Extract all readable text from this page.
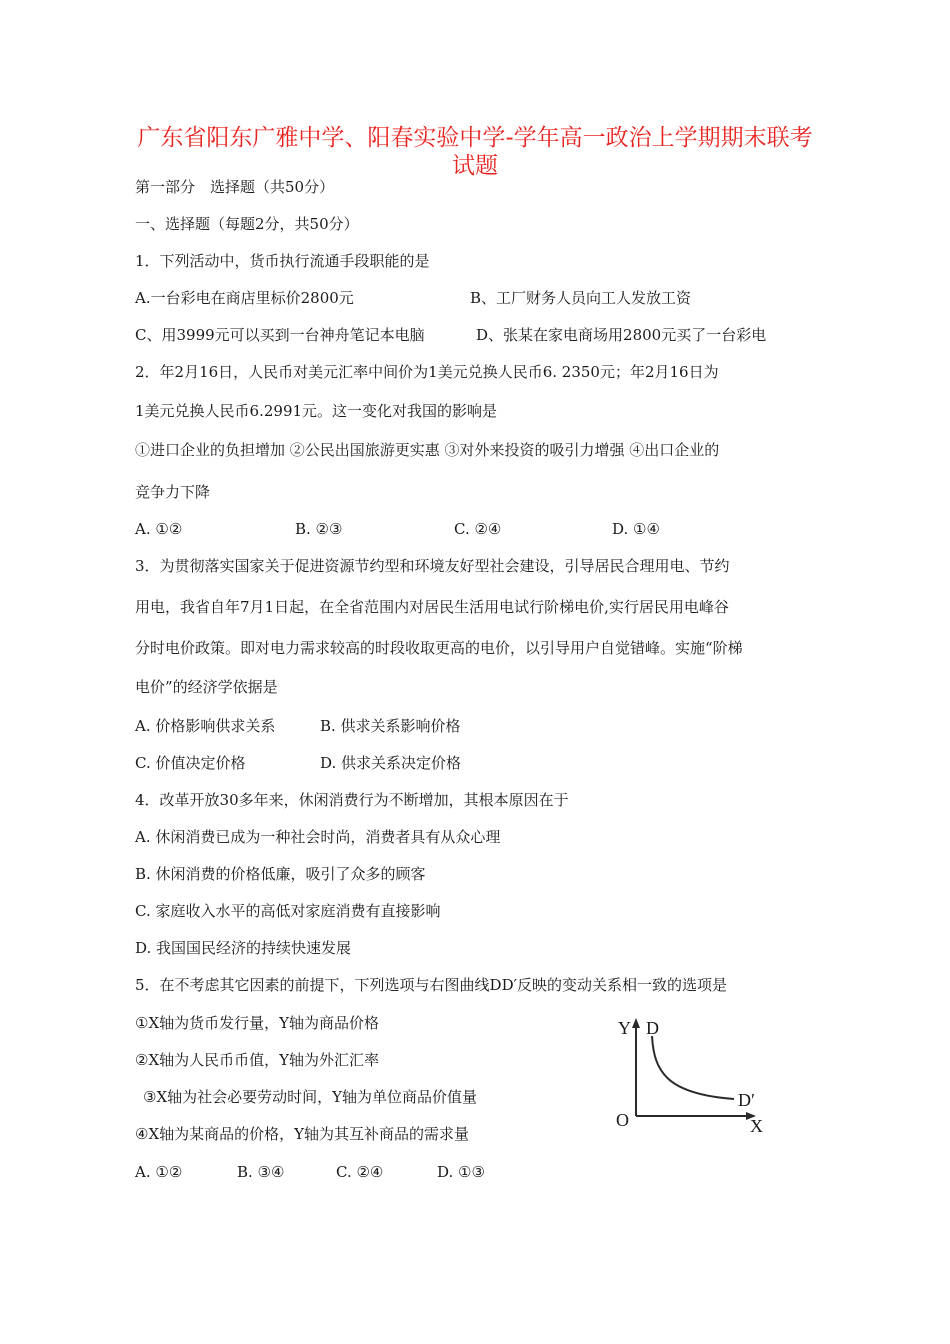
广东省阳东广雅中学、阳春实验中学-学年高一政治上学期期末联考
试题
第一部分　选择题（共50分）
一、选择题（每题2分，共50分）
1．下列活动中，货币执行流通手段职能的是
A.一台彩电在商店里标价2800元	B、工厂财务人员向工人发放工资
C、用3999元可以买到一台神舟笔记本电脑	D、张某在家电商场用2800元买了一台彩电
2．年2月16日，人民币对美元汇率中间价为1美元兑换人民币6. 2350元；年2月16日为
1美元兑换人民币6.2991元。这一变化对我国的影响是
①进口企业的负担增加 ②公民出国旅游更实惠 ③对外来投资的吸引力增强 ④出口企业的
竞争力下降
A. ①②	B. ②③	C. ②④	D. ①④
3．为贯彻落实国家关于促进资源节约型和环境友好型社会建设，引导居民合理用电、节约
用电，我省自年7月1日起，在全省范围内对居民生活用电试行阶梯电价,实行居民用电峰谷
分时电价政策。即对电力需求较高的时段收取更高的电价，以引导用户自觉错峰。实施“阶梯
电价”的经济学依据是
A. 价格影响供求关系	B. 供求关系影响价格
C. 价值决定价格	D. 供求关系决定价格
4．改革开放30多年来，休闲消费行为不断增加，其根本原因在于
A. 休闲消费已成为一种社会时尚，消费者具有从众心理
B. 休闲消费的价格低廉，吸引了众多的顾客
C. 家庭收入水平的高低对家庭消费有直接影响
D. 我国国民经济的持续快速发展
5．在不考虑其它因素的前提下，下列选项与右图曲线DD′反映的变动关系相一致的选项是
①X轴为货币发行量，Y轴为商品价格
②X轴为人民币币值，Y轴为外汇汇率
③X轴为社会必要劳动时间，Y轴为单位商品价值量
④X轴为某商品的价格，Y轴为其互补商品的需求量
A. ①②	B. ③④	C. ②④	D. ①③
Y D
D′
O	X
